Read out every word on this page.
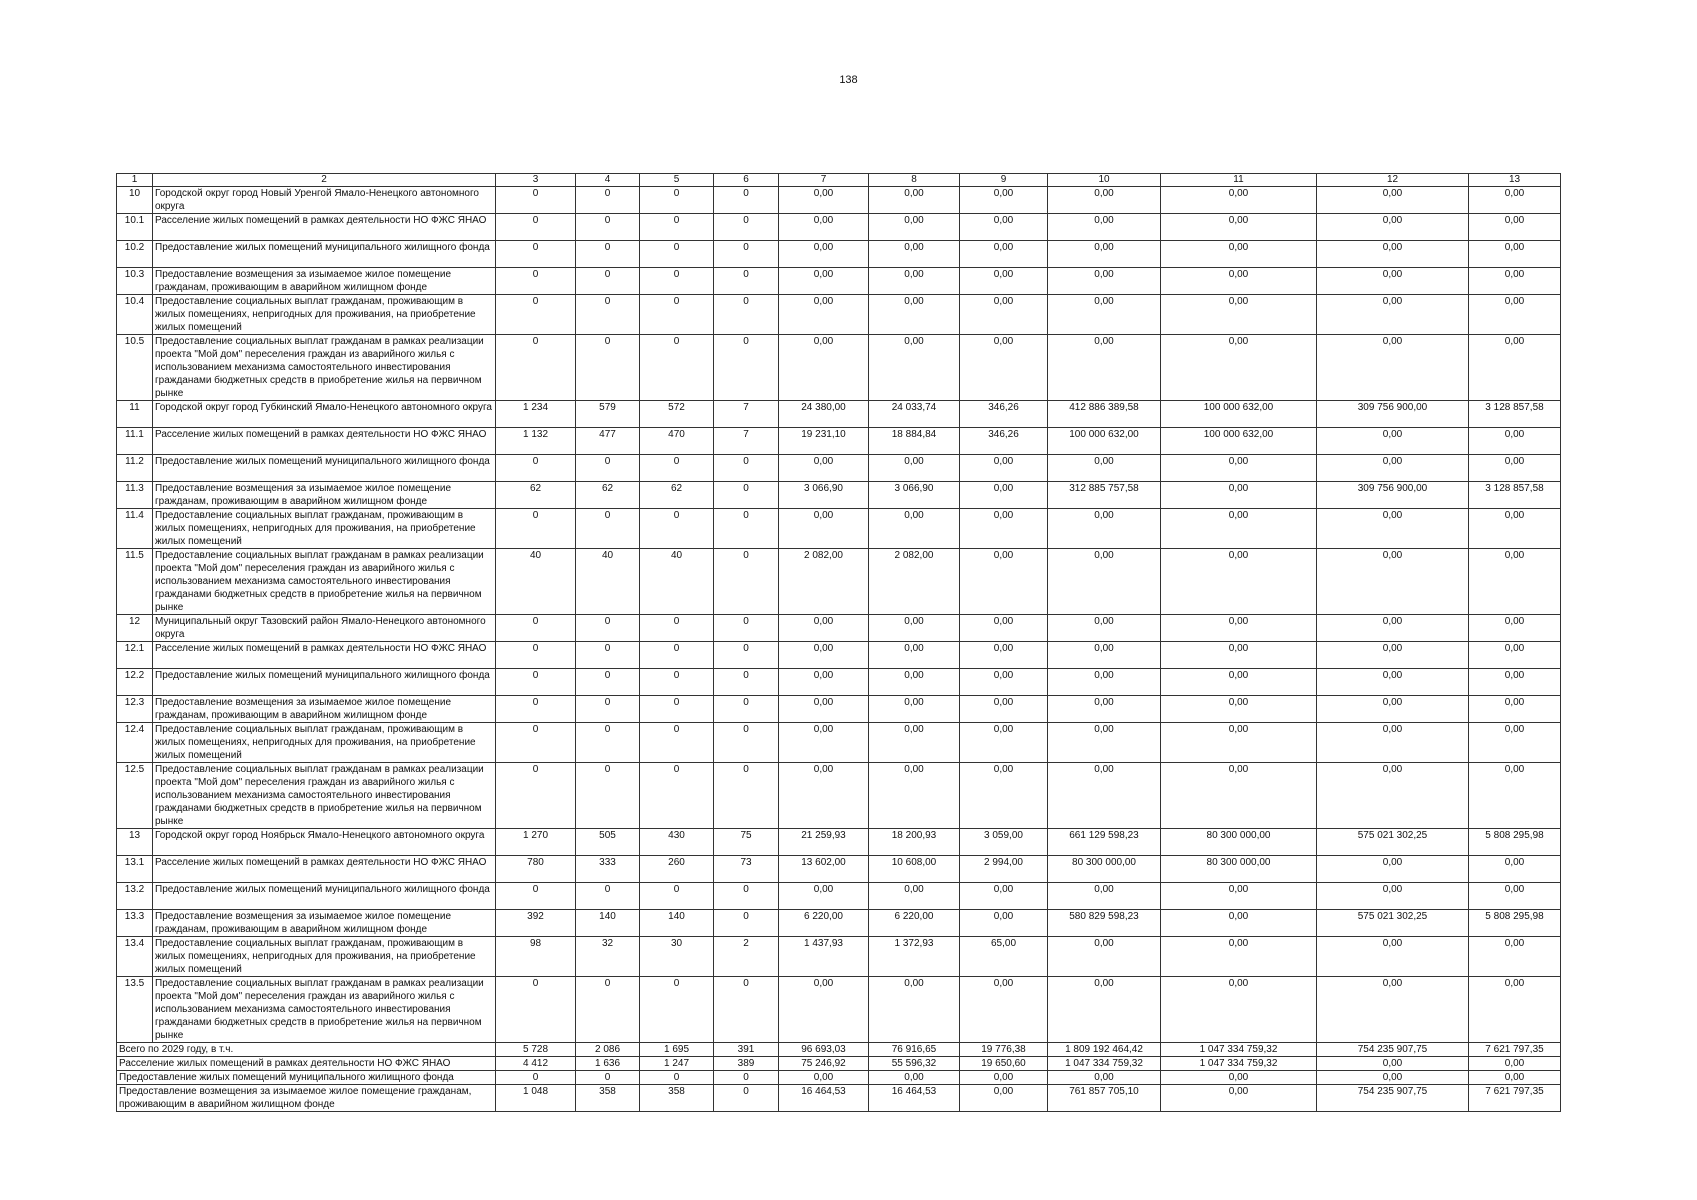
138
1	2	3	4	5	6	7	8	9	10	11	12	13
10	Городской округ город Новый Уренгой Ямало-Ненецкого автономного округа	0	0	0	0	0,00	0,00	0,00	0,00	0,00	0,00	0,00
10.1	Расселение жилых помещений в рамках деятельности НО ФЖС ЯНАО	0	0	0	0	0,00	0,00	0,00	0,00	0,00	0,00	0,00
10.2	Предоставление жилых помещений муниципального жилищного фонда	0	0	0	0	0,00	0,00	0,00	0,00	0,00	0,00	0,00
10.3	Предоставление возмещения за изымаемое жилое помещение гражданам, проживающим в аварийном жилищном фонде	0	0	0	0	0,00	0,00	0,00	0,00	0,00	0,00	0,00
10.4	Предоставление социальных выплат гражданам, проживающим в жилых помещениях, непригодных для проживания, на приобретение жилых помещений	0	0	0	0	0,00	0,00	0,00	0,00	0,00	0,00	0,00
10.5	Предоставление социальных выплат гражданам в рамках реализации проекта "Мой дом" переселения граждан из аварийного жилья с использованием механизма самостоятельного инвестирования гражданами бюджетных средств в приобретение жилья на первичном рынке	0	0	0	0	0,00	0,00	0,00	0,00	0,00	0,00	0,00
11	Городской округ город Губкинский Ямало-Ненецкого автономного округа	1 234	579	572	7	24 380,00	24 033,74	346,26	412 886 389,58	100 000 632,00	309 756 900,00	3 128 857,58
11.1	Расселение жилых помещений в рамках деятельности НО ФЖС ЯНАО	1 132	477	470	7	19 231,10	18 884,84	346,26	100 000 632,00	100 000 632,00	0,00	0,00
11.2	Предоставление жилых помещений муниципального жилищного фонда	0	0	0	0	0,00	0,00	0,00	0,00	0,00	0,00	0,00
11.3	Предоставление возмещения за изымаемое жилое помещение гражданам, проживающим в аварийном жилищном фонде	62	62	62	0	3 066,90	3 066,90	0,00	312 885 757,58	0,00	309 756 900,00	3 128 857,58
11.4	Предоставление социальных выплат гражданам, проживающим в жилых помещениях, непригодных для проживания, на приобретение жилых помещений	0	0	0	0	0,00	0,00	0,00	0,00	0,00	0,00	0,00
11.5	Предоставление социальных выплат гражданам в рамках реализации проекта "Мой дом" переселения граждан из аварийного жилья с использованием механизма самостоятельного инвестирования гражданами бюджетных средств в приобретение жилья на первичном рынке	40	40	40	0	2 082,00	2 082,00	0,00	0,00	0,00	0,00	0,00
12	Муниципальный округ Тазовский район Ямало-Ненецкого автономного округа	0	0	0	0	0,00	0,00	0,00	0,00	0,00	0,00	0,00
12.1	Расселение жилых помещений в рамках деятельности НО ФЖС ЯНАО	0	0	0	0	0,00	0,00	0,00	0,00	0,00	0,00	0,00
12.2	Предоставление жилых помещений муниципального жилищного фонда	0	0	0	0	0,00	0,00	0,00	0,00	0,00	0,00	0,00
12.3	Предоставление возмещения за изымаемое жилое помещение гражданам, проживающим в аварийном жилищном фонде	0	0	0	0	0,00	0,00	0,00	0,00	0,00	0,00	0,00
12.4	Предоставление социальных выплат гражданам, проживающим в жилых помещениях, непригодных для проживания, на приобретение жилых помещений	0	0	0	0	0,00	0,00	0,00	0,00	0,00	0,00	0,00
12.5	Предоставление социальных выплат гражданам в рамках реализации проекта "Мой дом" переселения граждан из аварийного жилья с использованием механизма самостоятельного инвестирования гражданами бюджетных средств в приобретение жилья на первичном рынке	0	0	0	0	0,00	0,00	0,00	0,00	0,00	0,00	0,00
13	Городской округ город Ноябрьск Ямало-Ненецкого автономного округа	1 270	505	430	75	21 259,93	18 200,93	3 059,00	661 129 598,23	80 300 000,00	575 021 302,25	5 808 295,98
13.1	Расселение жилых помещений в рамках деятельности НО ФЖС ЯНАО	780	333	260	73	13 602,00	10 608,00	2 994,00	80 300 000,00	80 300 000,00	0,00	0,00
13.2	Предоставление жилых помещений муниципального жилищного фонда	0	0	0	0	0,00	0,00	0,00	0,00	0,00	0,00	0,00
13.3	Предоставление возмещения за изымаемое жилое помещение гражданам, проживающим в аварийном жилищном фонде	392	140	140	0	6 220,00	6 220,00	0,00	580 829 598,23	0,00	575 021 302,25	5 808 295,98
13.4	Предоставление социальных выплат гражданам, проживающим в жилых помещениях, непригодных для проживания, на приобретение жилых помещений	98	32	30	2	1 437,93	1 372,93	65,00	0,00	0,00	0,00	0,00
13.5	Предоставление социальных выплат гражданам в рамках реализации проекта "Мой дом" переселения граждан из аварийного жилья с использованием механизма самостоятельного инвестирования гражданами бюджетных средств в приобретение жилья на первичном рынке	0	0	0	0	0,00	0,00	0,00	0,00	0,00	0,00	0,00
Всего по 2029 году, в т.ч.		5 728	2 086	1 695	391	96 693,03	76 916,65	19 776,38	1 809 192 464,42	1 047 334 759,32	754 235 907,75	7 621 797,35
Расселение жилых помещений в рамках деятельности НО ФЖС ЯНАО		4 412	1 636	1 247	389	75 246,92	55 596,32	19 650,60	1 047 334 759,32	1 047 334 759,32	0,00	0,00
Предоставление жилых помещений муниципального жилищного фонда		0	0	0	0	0,00	0,00	0,00	0,00	0,00	0,00	0,00
Предоставление возмещения за изымаемое жилое помещение гражданам, проживающим в аварийном жилищном фонде		1 048	358	358	0	16 464,53	16 464,53	0,00	761 857 705,10	0,00	754 235 907,75	7 621 797,35
